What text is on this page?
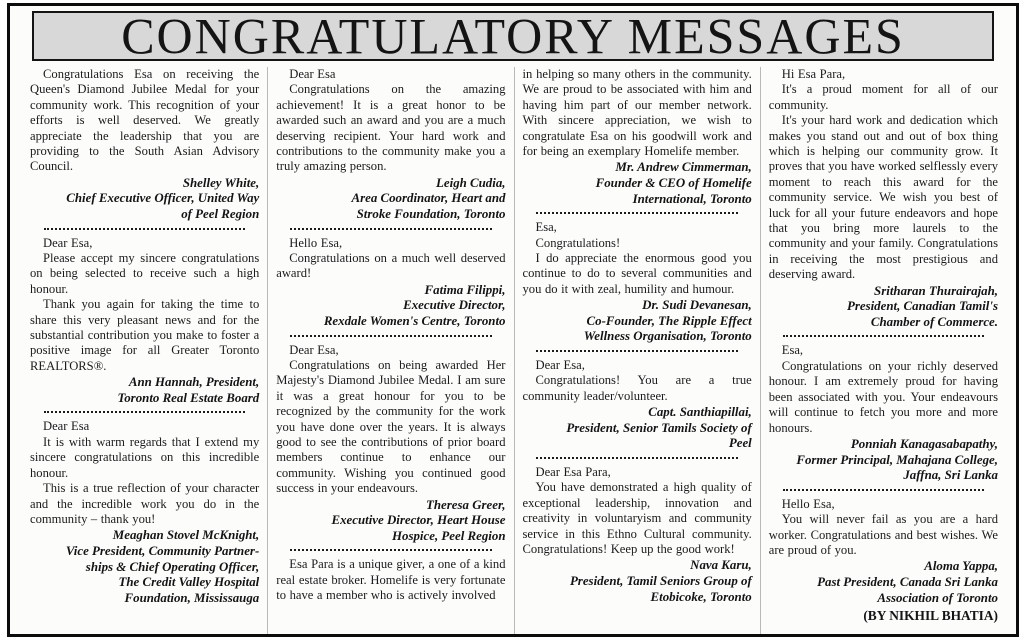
CONGRATULATORY MESSAGES

Congratulations Esa on receiving the Queen's Diamond Jubilee Medal for your community work. This recognition of your efforts is well deserved. We greatly appreciate the leadership that you are providing to the South Asian Advisory Council.

Shelley White,
Chief Executive Officer, United Way
of Peel Region

Dear Esa,

Please accept my sincere congratulations on being selected to receive such a high honour.

Thank you again for taking the time to share this very pleasant news and for the substantial contribution you make to foster a positive image for all Greater Toronto REALTORS®.

Ann Hannah, President,
Toronto Real Estate Board

Dear Esa

It is with warm regards that I extend my sincere congratulations on this incredible honour.

This is a true reflection of your character and the incredible work you do in the community – thank you!

Meaghan Stovel McKnight,
Vice President, Community Partner-
ships & Chief Operating Officer,
The Credit Valley Hospital
Foundation, Mississauga

Dear Esa

Congratulations on the amazing achievement! It is a great honor to be awarded such an award and you are a much deserving recipient. Your hard work and contributions to the community make you a truly amazing person.

Leigh Cudia,
Area Coordinator, Heart and
Stroke Foundation, Toronto

Hello Esa,

Congratulations on a much well deserved award!

Fatima Filippi,
Executive Director,
Rexdale Women's Centre, Toronto

Dear Esa,

Congratulations on being awarded Her Majesty's Diamond Jubilee Medal. I am sure it was a great honour for you to be recognized by the community for the work you have done over the years. It is always good to see the contributions of prior board members continue to enhance our community. Wishing you continued good success in your endeavours.

Theresa Greer,
Executive Director, Heart House
Hospice, Peel Region

Esa Para is a unique giver, a one of a kind real estate broker. Homelife is very fortunate to have a member who is actively involved

in helping so many others in the community. We are proud to be associated with him and having him part of our member network. With sincere appreciation, we wish to congratulate Esa on his goodwill work and for being an exemplary Homelife member.

Mr. Andrew Cimmerman,
Founder & CEO of Homelife
International, Toronto

Esa,

Congratulations!

I do appreciate the enormous good you continue to do to several communities and you do it with zeal, humility and humour.

Dr. Sudi Devanesan,
Co-Founder, The Ripple Effect
Wellness Organisation, Toronto

Dear Esa,

Congratulations! You are a true community leader/volunteer.

Capt. Santhiapillai,
President, Senior Tamils Society of
Peel

Dear Esa Para,

You have demonstrated a high quality of exceptional leadership, innovation and creativity in voluntaryism and community service in this Ethno Cultural community. Congratulations! Keep up the good work!

Nava Karu,
President, Tamil Seniors Group of
Etobicoke, Toronto

Hi Esa Para,

It's a proud moment for all of our community.

It's your hard work and dedication which makes you stand out and out of box thing which is helping our community grow. It proves that you have worked selflessly every moment to reach this award for the community service. We wish you best of luck for all your future endeavors and hope that you bring more laurels to the community and your family. Congratulations in receiving the most prestigious and deserving award.

Sritharan Thurairajah,
President, Canadian Tamil's
Chamber of Commerce.

Esa,

Congratulations on your richly deserved honour. I am extremely proud for having been associated with you. Your endeavours will continue to fetch you more and more honours.

Ponniah Kanagasabapathy,
Former Principal, Mahajana College,
Jaffna, Sri Lanka

Hello Esa,

You will never fail as you are a hard worker. Congratulations and best wishes. We are proud of you.

Aloma Yappa,
Past President, Canada Sri Lanka
Association of Toronto
(BY NIKHIL BHATIA)
